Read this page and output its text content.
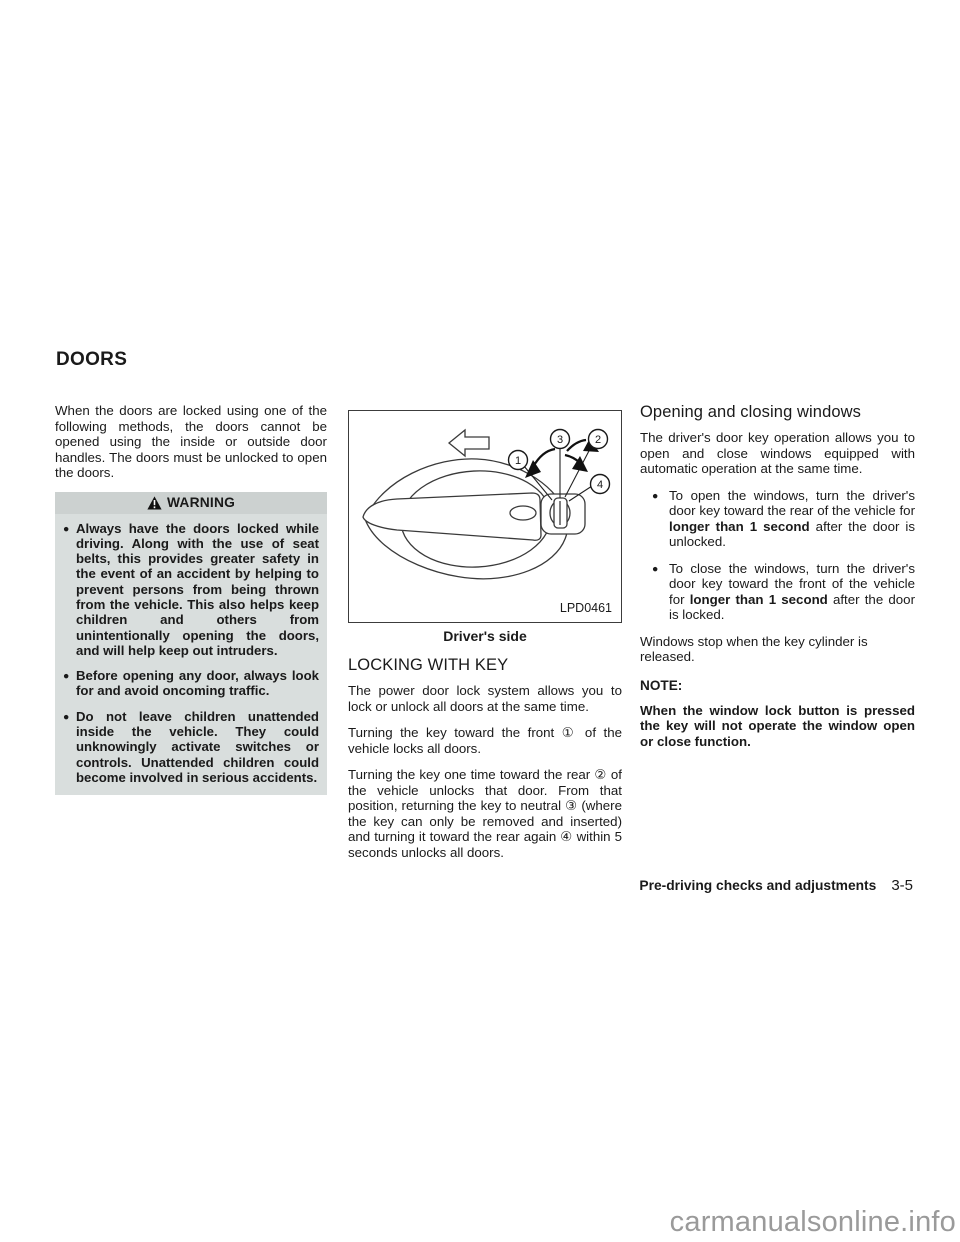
DOORS

When the doors are locked using one of the following methods, the doors cannot be opened using the inside or outside door handles. The doors must be unlocked to open the doors.

WARNING
● Always have the doors locked while driving. Along with the use of seat belts, this provides greater safety in the event of an accident by helping to prevent persons from being thrown from the vehicle. This also helps keep children and others from unintentionally opening the doors, and will help keep out intruders.
● Before opening any door, always look for and avoid oncoming traffic.
● Do not leave children unattended inside the vehicle. They could unknowingly activate switches or controls. Unattended children could become involved in serious accidents.
1
3	2
4
LPD0461
Driver's side
LOCKING WITH KEY

The power door lock system allows you to lock or unlock all doors at the same time.

Turning the key toward the front ① of the vehicle locks all doors.

Turning the key one time toward the rear ② of the vehicle unlocks that door. From that position, returning the key to neutral ③ (where the key can only be removed and inserted) and turning it toward the rear again ④ within 5 seconds unlocks all doors.

Opening and closing windows

The driver's door key operation allows you to open and close windows equipped with automatic operation at the same time.

● To open the windows, turn the driver's door key toward the rear of the vehicle for longer than 1 second after the door is unlocked.
● To close the windows, turn the driver's door key toward the front of the vehicle for longer than 1 second after the door is locked.

Windows stop when the key cylinder is released.

NOTE:

When the window lock button is pressed the key will not operate the window open or close function.

Pre-driving checks and adjustments 3-5
carmanualsonline.info
